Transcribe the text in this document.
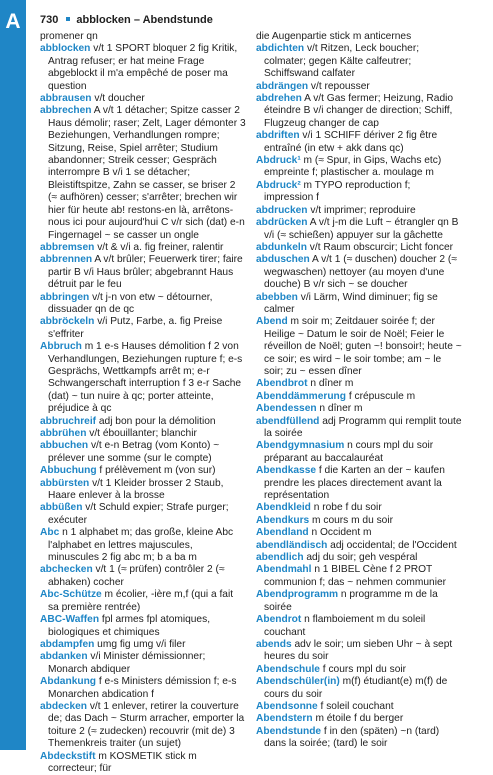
A	730 abblocken – Abendstunde

promener qn

abblocken v/t 1 SPORT bloquer 2 fig Kritik, Antrag refuser; er hat meine Frage abgeblockt il m'a empêché de poser ma question

abbrausen v/t doucher

abbrechen A v/t 1 détacher; Spitze casser 2 Haus démolir; raser; Zelt, Lager démonter 3 Beziehungen, Verhandlungen rompre; Sitzung, Reise, Spiel arrêter; Studium abandonner; Streik cesser; Gespräch interrompre B v/i 1 se détacher; Bleistiftspitze, Zahn se casser, se briser 2 (≈ aufhören) cesser; s'arrêter; brechen wir hier für heute ab! restons-en là, arrêtons-nous ici pour aujourd'hui C v/r sich (dat) e-n Fingernagel ~ se casser un ongle

abbremsen v/t & v/i a. fig freiner, ralentir

abbrennen A v/t brûler; Feuerwerk tirer; faire partir B v/i Haus brûler; abgebrannt Haus détruit par le feu

abbringen v/t j-n von etw ~ détourner, dissuader qn de qc

abbröckeln v/i Putz, Farbe, a. fig Preise s'effriter

Abbruch m 1 e-s Hauses démolition f 2 von Verhandlungen, Beziehungen rupture f; e-s Gesprächs, Wettkampfs arrêt m; e-r Schwangerschaft interruption f 3 e-r Sache (dat) ~ tun nuire à qc; porter atteinte, préjudice à qc

abbruchreif adj bon pour la démolition

abbrühen v/t ébouillanter; blanchir

abbuchen v/t e-n Betrag (vom Konto) ~ prélever une somme (sur le compte)

Abbuchung f prélèvement m (von sur)

abbürsten v/t 1 Kleider brosser 2 Staub, Haare enlever à la brosse

abbüßen v/t Schuld expier; Strafe purger; exécuter

Abc n 1 alphabet m; das große, kleine Abc l'alphabet en lettres majuscules, minuscules 2 fig abc m; b a ba m

abchecken v/t 1 (≈ prüfen) contrôler 2 (≈ abhaken) cocher

Abc-Schütze m écolier, -ière m,f (qui a fait sa première rentrée)

ABC-Waffen fpl armes fpl atomiques, biologiques et chimiques

abdampfen umg fig umg v/i filer

abdanken v/i Minister démissionner; Monarch abdiquer

Abdankung f e-s Ministers démission f; e-s Monarchen abdication f

abdecken v/t 1 enlever, retirer la couverture de; das Dach ~ Sturm arracher, emporter la toiture 2 (≈ zudecken) recouvrir (mit de) 3 Themenkreis traiter (un sujet)

Abdeckstift m KOSMETIK stick m correcteur; für

die Augenpartie stick m anticernes

abdichten v/t Ritzen, Leck boucher; colmater; gegen Kälte calfeutrer; Schiffswand calfater

abdrängen v/t repousser

abdrehen A v/t Gas fermer; Heizung, Radio éteindre B v/i changer de direction; Schiff, Flugzeug changer de cap

abdriften v/i 1 SCHIFF dériver 2 fig être entraîné (in etw + akk dans qc)

Abdruck¹ m (≈ Spur, in Gips, Wachs etc) empreinte f; plastischer a. moulage m

Abdruck² m TYPO reproduction f; impression f

abdrucken v/t imprimer; reproduire

abdrücken A v/t j-m die Luft ~ étrangler qn B v/i (≈ schießen) appuyer sur la gâchette

abdunkeln v/t Raum obscurcir; Licht foncer

abduschen A v/t 1 (≈ duschen) doucher 2 (≈ wegwaschen) nettoyer (au moyen d'une douche) B v/r sich ~ se doucher

abebben v/i Lärm, Wind diminuer; fig se calmer

Abend m soir m; Zeitdauer soirée f; der Heilige ~ Datum le soir de Noël; Feier le réveillon de Noël; guten ~! bonsoir!; heute ~ ce soir; es wird ~ le soir tombe; am ~ le soir; zu ~ essen dîner

Abendbrot n dîner m

Abenddämmerung f crépuscule m

Abendessen n dîner m

abendfüllend adj Programm qui remplit toute la soirée

Abendgymnasium n cours mpl du soir préparant au baccalauréat

Abendkasse f die Karten an der ~ kaufen prendre les places directement avant la représentation

Abendkleid n robe f du soir

Abendkurs m cours m du soir

Abendland n Occident m

abendländisch adj occidental; de l'Occident

abendlich adj du soir; geh vespéral

Abendmahl n 1 BIBEL Cène f 2 PROT communion f; das ~ nehmen communier

Abendprogramm n programme m de la soirée

Abendrot n flamboiement m du soleil couchant

abends adv le soir; um sieben Uhr ~ à sept heures du soir

Abendschule f cours mpl du soir

Abendschüler(in) m(f) étudiant(e) m(f) de cours du soir

Abendsonne f soleil couchant

Abendstern m étoile f du berger

Abendstunde f in den (späten) ~n (tard) dans la soirée; (tard) le soir
